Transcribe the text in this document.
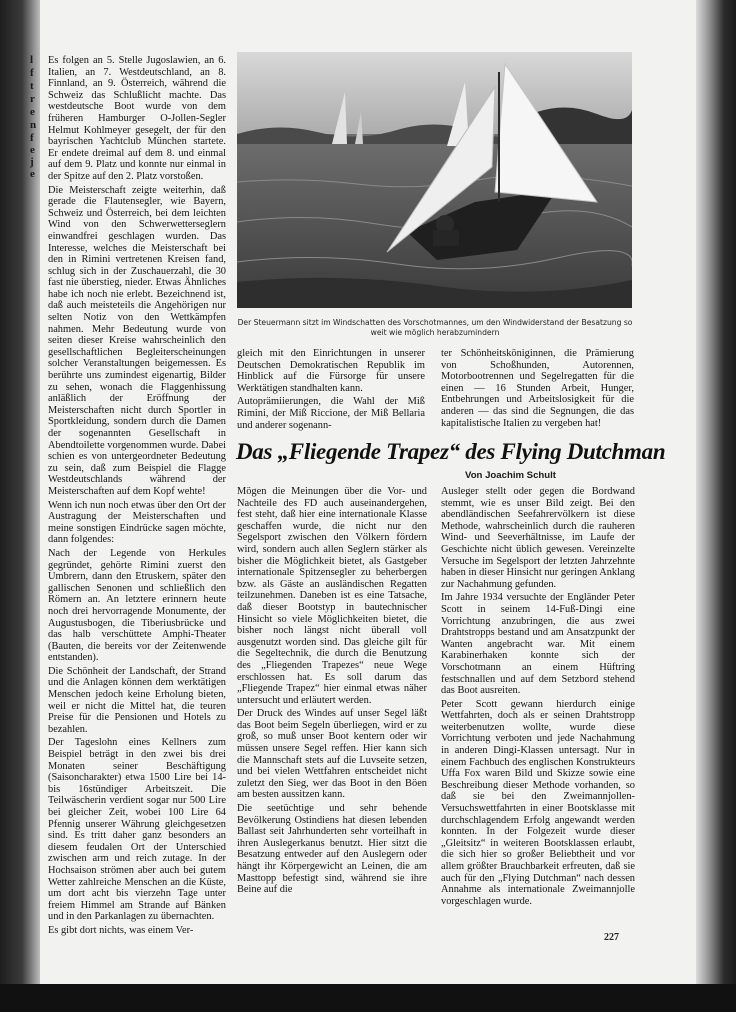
l
f
t
r
e
n
f
e
j
e

Es folgen an 5. Stelle Jugoslawien, an 6. Italien, an 7. Westdeutschland, an 8. Finnland, an 9. Österreich, während die Schweiz das Schlußlicht machte. Das westdeutsche Boot wurde von dem früheren Hamburger O-Jollen-Segler Helmut Kohlmeyer gesegelt, der für den bayrischen Yachtclub München startete. Er endete dreimal auf dem 8. und einmal auf dem 9. Platz und konnte nur einmal in der Spitze auf den 2. Platz vorstoßen.

Die Meisterschaft zeigte weiterhin, daß gerade die Flautensegler, wie Bayern, Schweiz und Österreich, bei dem leichten Wind von den Schwerwetterseglern einwandfrei geschlagen wurden. Das Interesse, welches die Meisterschaft bei den in Rimini vertretenen Kreisen fand, schlug sich in der Zuschauerzahl, die 30 fast nie überstieg, nieder. Etwas Ähnliches habe ich noch nie erlebt. Bezeichnend ist, daß auch meisteteils die Angehörigen nur selten Notiz von den Wettkämpfen nahmen. Mehr Bedeutung wurde von seiten dieser Kreise wahrscheinlich den gesellschaftlichen Begleiterscheinungen solcher Veranstaltungen beigemessen. Es berührte uns zumindest eigenartig, Bilder zu sehen, wonach die Flaggenhissung anläßlich der Eröffnung der Meisterschaften nicht durch Sportler in Sportkleidung, sondern durch die Damen der sogenannten Gesellschaft in Abendtoilette vorgenommen wurde. Dabei schien es von untergeordneter Bedeutung zu sein, daß zum Beispiel die Flagge Westdeutschlands während der Meisterschaften auf dem Kopf wehte!

Wenn ich nun noch etwas über den Ort der Austragung der Meisterschaften und meine sonstigen Eindrücke sagen möchte, dann folgendes:

Nach der Legende von Herkules gegründet, gehörte Rimini zuerst den Umbrern, dann den Etruskern, später den gallischen Senonen und schließlich den Römern an. An letztere erinnern heute noch drei hervorragende Monumente, der Augustusbogen, die Tiberiusbrücke und das halb verschüttete Amphi-Theater (Bauten, die bereits vor der Zeitenwende entstanden).

Die Schönheit der Landschaft, der Strand und die Anlagen können dem werktätigen Menschen jedoch keine Erholung bieten, weil er nicht die Mittel hat, die teuren Preise für die Pensionen und Hotels zu bezahlen.

Der Tageslohn eines Kellners zum Beispiel beträgt in den zwei bis drei Monaten seiner Beschäftigung (Saisoncharakter) etwa 1500 Lire bei 14- bis 16stündiger Arbeitszeit. Die Teilwäscherin verdient sogar nur 500 Lire bei gleicher Zeit, wobei 100 Lire 64 Pfennig unserer Währung gleichgesetzen sind. Es tritt daher ganz besonders an diesem feudalen Ort der Unterschied zwischen arm und reich zutage. In der Hochsaison strömen aber auch bei gutem Wetter zahlreiche Menschen an die Küste, um dort acht bis vierzehn Tage unter freiem Himmel am Strande auf Bänken und in den Parkanlagen zu übernachten.

Es gibt dort nichts, was einem Ver-

Der Steuermann sitzt im Windschatten des Vorschotmannes, um den Windwiderstand der Besatzung so weit wie möglich herabzumindern

gleich mit den Einrichtungen in unserer Deutschen Demokratischen Republik im Hinblick auf die Fürsorge für unsere Werktätigen standhalten kann.

Autoprämiierungen, die Wahl der Miß Rimini, der Miß Riccione, der Miß Bellaria und anderer sogenann-

ter Schönheitsköniginnen, die Prämierung von Schoßhunden, Autorennen, Motorbootrennen und Segelregatten für die einen — 16 Stunden Arbeit, Hunger, Entbehrungen und Arbeitslosigkeit für die anderen — das sind die Segnungen, die das kapitalistische Italien zu vergeben hat!

Das „Fliegende Trapez“ des Flying Dutchman
Von Joachim Schult

Mögen die Meinungen über die Vor- und Nachteile des FD auch auseinandergehen, fest steht, daß hier eine internationale Klasse geschaffen wurde, die nicht nur den Segelsport zwischen den Völkern fördern wird, sondern auch allen Seglern stärker als bisher die Möglichkeit bietet, als Gastgeber internationale Spitzensegler zu beherbergen bzw. als Gäste an ausländischen Regatten teilzunehmen. Daneben ist es eine Tatsache, daß dieser Bootstyp in bautechnischer Hinsicht so viele Möglichkeiten bietet, die bisher noch längst nicht überall voll ausgenutzt worden sind. Das gleiche gilt für die Segeltechnik, die durch die Benutzung des „Fliegenden Trapezes“ neue Wege erschlossen hat. Es soll darum das „Fliegende Trapez“ hier einmal etwas näher untersucht und erläutert werden.

Der Druck des Windes auf unser Segel läßt das Boot beim Segeln überliegen, wird er zu groß, so muß unser Boot kentern oder wir müssen unsere Segel reffen. Hier kann sich die Mannschaft stets auf die Luvseite setzen, und bei vielen Wettfahren entscheidet nicht zuletzt den Sieg, wer das Boot in den Böen am besten aussitzen kann.

Die seetüchtige und sehr behende Bevölkerung Ostindiens hat diesen lebenden Ballast seit Jahrhunderten sehr vorteilhaft in ihren Auslegerkanus benutzt. Hier sitzt die Besatzung entweder auf den Auslegern oder hängt ihr Körpergewicht an Leinen, die am Masttopp befestigt sind, während sie ihre Beine auf die

Ausleger stellt oder gegen die Bordwand stemmt, wie es unser Bild zeigt. Bei den abendländischen Seefahrervölkern ist diese Methode, wahrscheinlich durch die rauheren Wind- und Seeverhältnisse, im Laufe der Geschichte nicht üblich gewesen. Vereinzelte Versuche im Segelsport der letzten Jahrzehnte haben in dieser Hinsicht nur geringen Anklang zur Nachahmung gefunden.

Im Jahre 1934 versuchte der Engländer Peter Scott in seinem 14-Fuß-Dingi eine Vorrichtung anzubringen, die aus zwei Drahtstropps bestand und am Ansatzpunkt der Wanten angebracht war. Mit einem Karabinerhaken konnte sich der Vorschotmann an einem Hüftring festschnallen und auf dem Setzbord stehend das Boot ausreiten.

Peter Scott gewann hierdurch einige Wettfahrten, doch als er seinen Drahtstropp weiterbenutzen wollte, wurde diese Vorrichtung verboten und jede Nachahmung in anderen Dingi-Klassen untersagt. Nur in einem Fachbuch des englischen Konstrukteurs Uffa Fox waren Bild und Skizze sowie eine Beschreibung dieser Methode vorhanden, so daß sie bei den Zweimannjollen-Versuchswettfahrten in einer Bootsklasse mit durchschlagendem Erfolg angewandt werden konnten. In der Folgezeit wurde dieser „Gleitsitz“ in weiteren Bootsklassen erlaubt, die sich hier so großer Beliebtheit und vor allem größter Brauchbarkeit erfreuten, daß sie auch für den „Flying Dutchman“ nach dessen Annahme als internationale Zweimannjolle vorgeschlagen wurde.

227
